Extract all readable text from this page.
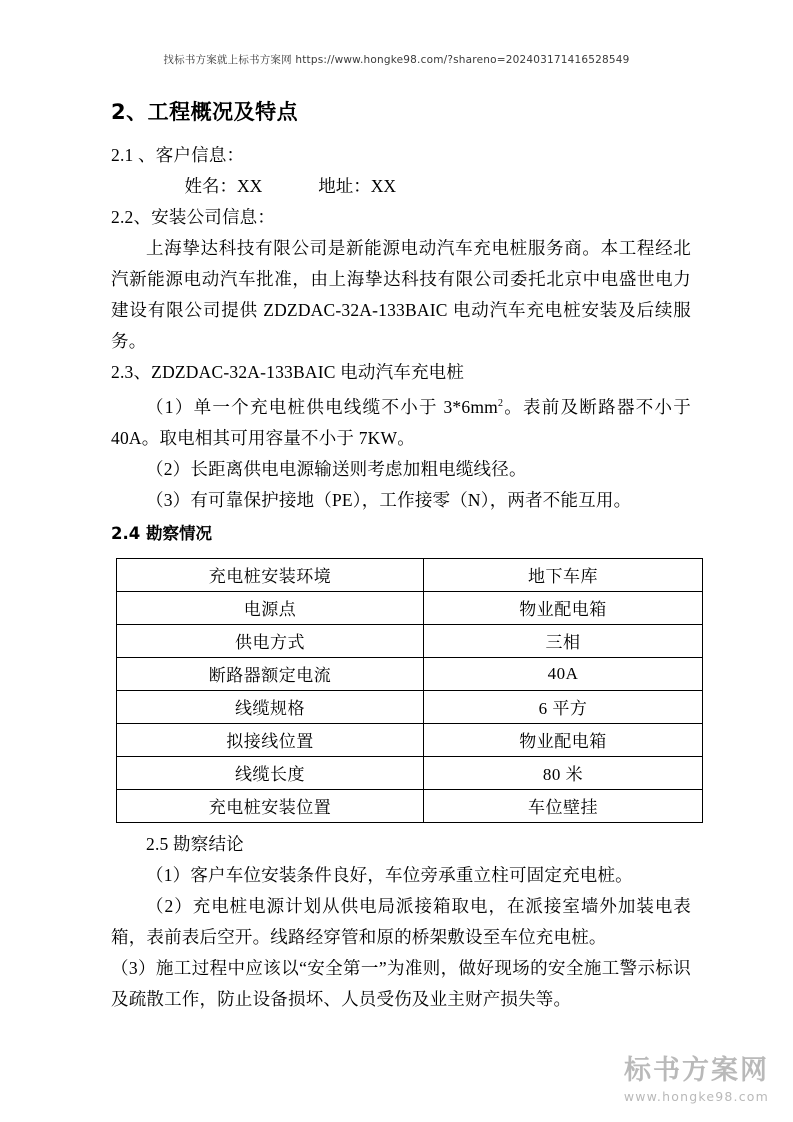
找标书方案就上标书方案网 https://www.hongke98.com/?shareno=202403171416528549
2、工程概况及特点

2.1 、客户信息：

姓名：XX	地址：XX

2.2、安装公司信息：

上海挚达科技有限公司是新能源电动汽车充电桩服务商。本工程经北汽新能源电动汽车批准，由上海挚达科技有限公司委托北京中电盛世电力建设有限公司提供 ZDZDAC-32A-133BAIC 电动汽车充电桩安装及后续服务。

2.3、ZDZDAC-32A-133BAIC 电动汽车充电桩

（1）单一个充电桩供电线缆不小于 $3*6mm^2$。表前及断路器不小于 40A。取电相其可用容量不小于 7KW。

（2）长距离供电电源输送则考虑加粗电缆线径。

（3）有可靠保护接地（PE），工作接零（N），两者不能互用。

2.4 勘察情况

充电桩安装环境	地下车库
电源点	物业配电箱
供电方式	三相
断路器额定电流	40A
线缆规格	6 平方
拟接线位置	物业配电箱
线缆长度	80 米
充电桩安装位置	车位壁挂

2.5 勘察结论

（1）客户车位安装条件良好，车位旁承重立柱可固定充电桩。

（2）充电桩电源计划从供电局派接箱取电，在派接室墙外加装电表箱，表前表后空开。线路经穿管和原的桥架敷设至车位充电桩。

（3）施工过程中应该以“安全第一”为准则，做好现场的安全施工警示标识及疏散工作，防止设备损坏、人员受伤及业主财产损失等。

标书方案网
www.hongke98.com
